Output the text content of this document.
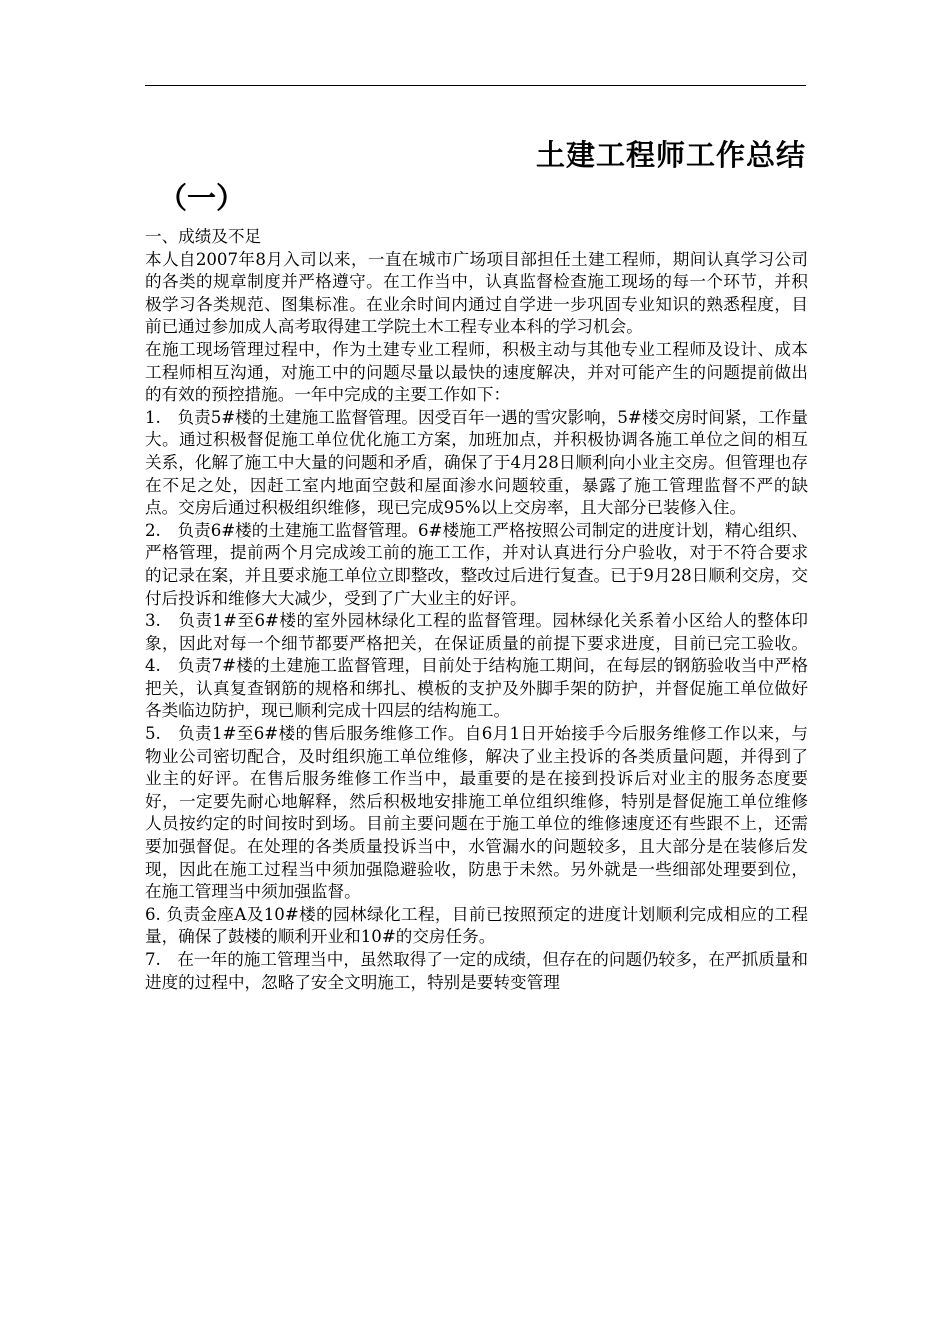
土建工程师工作总结
（一）

一、成绩及不足

本人自2007年8月入司以来，一直在城市广场项目部担任土建工程师，期间认真学习公司的各类的规章制度并严格遵守。在工作当中，认真监督检查施工现场的每一个环节，并积极学习各类规范、图集标准。在业余时间内通过自学进一步巩固专业知识的熟悉程度，目前已通过参加成人高考取得建工学院土木工程专业本科的学习机会。

在施工现场管理过程中，作为土建专业工程师，积极主动与其他专业工程师及设计、成本工程师相互沟通，对施工中的问题尽量以最快的速度解决，并对可能产生的问题提前做出的有效的预控措施。一年中完成的主要工作如下：

1.　负责5#楼的土建施工监督管理。因受百年一遇的雪灾影响，5#楼交房时间紧，工作量大。通过积极督促施工单位优化施工方案，加班加点，并积极协调各施工单位之间的相互关系，化解了施工中大量的问题和矛盾，确保了于4月28日顺利向小业主交房。但管理也存在不足之处，因赶工室内地面空鼓和屋面渗水问题较重，暴露了施工管理监督不严的缺点。交房后通过积极组织维修，现已完成95%以上交房率，且大部分已装修入住。

2.　负责6#楼的土建施工监督管理。6#楼施工严格按照公司制定的进度计划，精心组织、严格管理，提前两个月完成竣工前的施工工作，并对认真进行分户验收，对于不符合要求的记录在案，并且要求施工单位立即整改，整改过后进行复查。已于9月28日顺利交房，交付后投诉和维修大大减少，受到了广大业主的好评。

3.　负责1#至6#楼的室外园林绿化工程的监督管理。园林绿化关系着小区给人的整体印象，因此对每一个细节都要严格把关，在保证质量的前提下要求进度，目前已完工验收。 4.　负责7#楼的土建施工监督管理，目前处于结构施工期间，在每层的钢筋验收当中严格把关，认真复查钢筋的规格和绑扎、模板的支护及外脚手架的防护，并督促施工单位做好各类临边防护，现已顺利完成十四层的结构施工。

5.　负责1#至6#楼的售后服务维修工作。自6月1日开始接手今后服务维修工作以来，与物业公司密切配合，及时组织施工单位维修，解决了业主投诉的各类质量问题，并得到了业主的好评。在售后服务维修工作当中，最重要的是在接到投诉后对业主的服务态度要好，一定要先耐心地解释，然后积极地安排施工单位组织维修，特别是督促施工单位维修人员按约定的时间按时到场。目前主要问题在于施工单位的维修速度还有些跟不上，还需要加强督促。在处理的各类质量投诉当中，水管漏水的问题较多，且大部分是在装修后发现，因此在施工过程当中须加强隐避验收，防患于未然。另外就是一些细部处理要到位，在施工管理当中须加强监督。

6. 负责金座A及10#楼的园林绿化工程，目前已按照预定的进度计划顺利完成相应的工程量，确保了鼓楼的顺利开业和10#的交房任务。

7.　在一年的施工管理当中，虽然取得了一定的成绩，但存在的问题仍较多，在严抓质量和进度的过程中，忽略了安全文明施工，特别是要转变管理
